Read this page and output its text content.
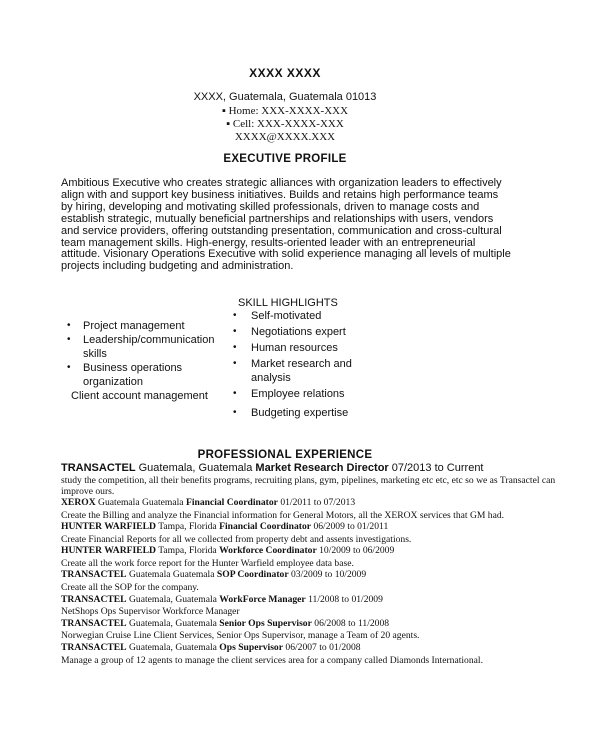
XXXX XXXX
XXXX, Guatemala, Guatemala 01013
▪ Home: XXX-XXXX-XXX
▪ Cell: XXX-XXXX-XXX
XXXX@XXXX.XXX
EXECUTIVE PROFILE
Ambitious Executive who creates strategic alliances with organization leaders to effectively align with and support key business initiatives. Builds and retains high performance teams by hiring, developing and motivating skilled professionals, driven to manage costs and establish strategic, mutually beneficial partnerships and relationships with users, vendors and service providers, offering outstanding presentation, communication and cross-cultural team management skills. High-energy, results-oriented leader with an entrepreneurial attitude. Visionary Operations Executive with solid experience managing all levels of multiple projects including budgeting and administration.
SKILL HIGHLIGHTS
• Project management
• Leadership/communication skills
• Business operations organization
Client account management
• Self-motivated
• Negotiations expert
• Human resources
• Market research and analysis
• Employee relations
• Budgeting expertise
PROFESSIONAL EXPERIENCE
TRANSACTEL Guatemala, Guatemala Market Research Director 07/2013 to Current
study the competition, all their benefits programs, recruiting plans, gym, pipelines, marketing etc etc, etc so we as Transactel can improve ours.
XEROX Guatemala Guatemala Financial Coordinator 01/2011 to 07/2013
Create the Billing and analyze the Financial information for General Motors, all the XEROX services that GM had.
HUNTER WARFIELD Tampa, Florida Financial Coordinator 06/2009 to 01/2011
Create Financial Reports for all we collected from property debt and assents investigations.
HUNTER WARFIELD Tampa, Florida Workforce Coordinator 10/2009 to 06/2009
Create all the work force report for the Hunter Warfield employee data base.
TRANSACTEL Guatemala Guatemala SOP Coordinator 03/2009 to 10/2009
Create all the SOP for the company.
TRANSACTEL Guatemala, Guatemala WorkForce Manager 11/2008 to 01/2009
NetShops Ops Supervisor Workforce Manager
TRANSACTEL Guatemala, Guatemala Senior Ops Supervisor 06/2008 to 11/2008
Norwegian Cruise Line Client Services, Senior Ops Supervisor, manage a Team of 20 agents.
TRANSACTEL Guatemala, Guatemala Ops Supervisor 06/2007 to 01/2008
Manage a group of 12 agents to manage the client services area for a company called Diamonds International.
